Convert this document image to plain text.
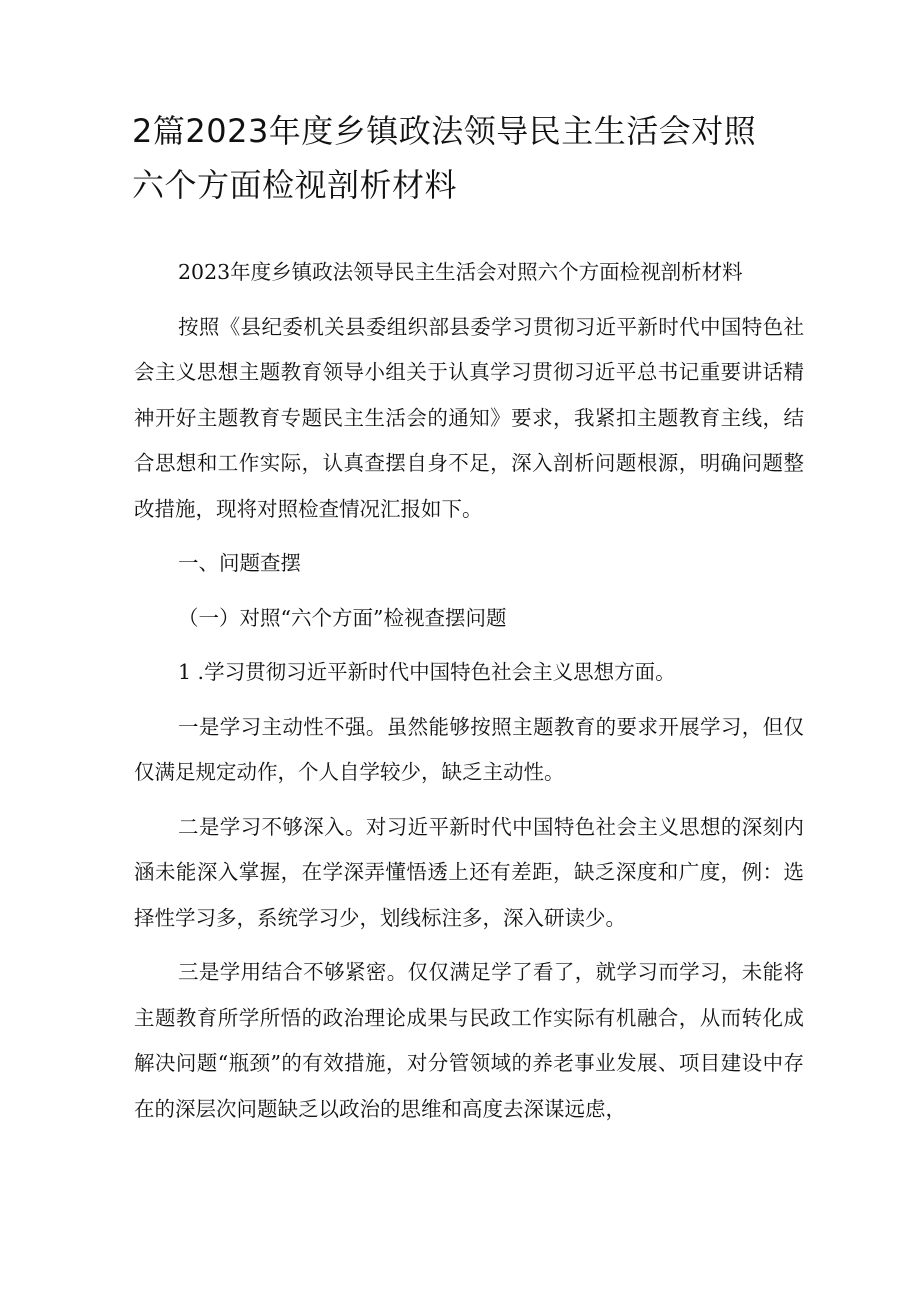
2篇2023年度乡镇政法领导民主生活会对照
六个方面检视剖析材料

2023年度乡镇政法领导民主生活会对照六个方面检视剖析材料

按照《县纪委机关县委组织部县委学习贯彻习近平新时代中国特色社会主义思想主题教育领导小组关于认真学习贯彻习近平总书记重要讲话精神开好主题教育专题民主生活会的通知》要求，我紧扣主题教育主线，结合思想和工作实际，认真查摆自身不足，深入剖析问题根源，明确问题整改措施，现将对照检查情况汇报如下。

一、问题查摆

（一）对照“六个方面”检视查摆问题

1 .学习贯彻习近平新时代中国特色社会主义思想方面。

一是学习主动性不强。虽然能够按照主题教育的要求开展学习，但仅仅满足规定动作，个人自学较少，缺乏主动性。

二是学习不够深入。对习近平新时代中国特色社会主义思想的深刻内涵未能深入掌握，在学深弄懂悟透上还有差距，缺乏深度和广度，例：选择性学习多，系统学习少，划线标注多，深入研读少。

三是学用结合不够紧密。仅仅满足学了看了，就学习而学习，未能将主题教育所学所悟的政治理论成果与民政工作实际有机融合，从而转化成解决问题“瓶颈”的有效措施，对分管领域的养老事业发展、项目建设中存在的深层次问题缺乏以政治的思维和高度去深谋远虑，
